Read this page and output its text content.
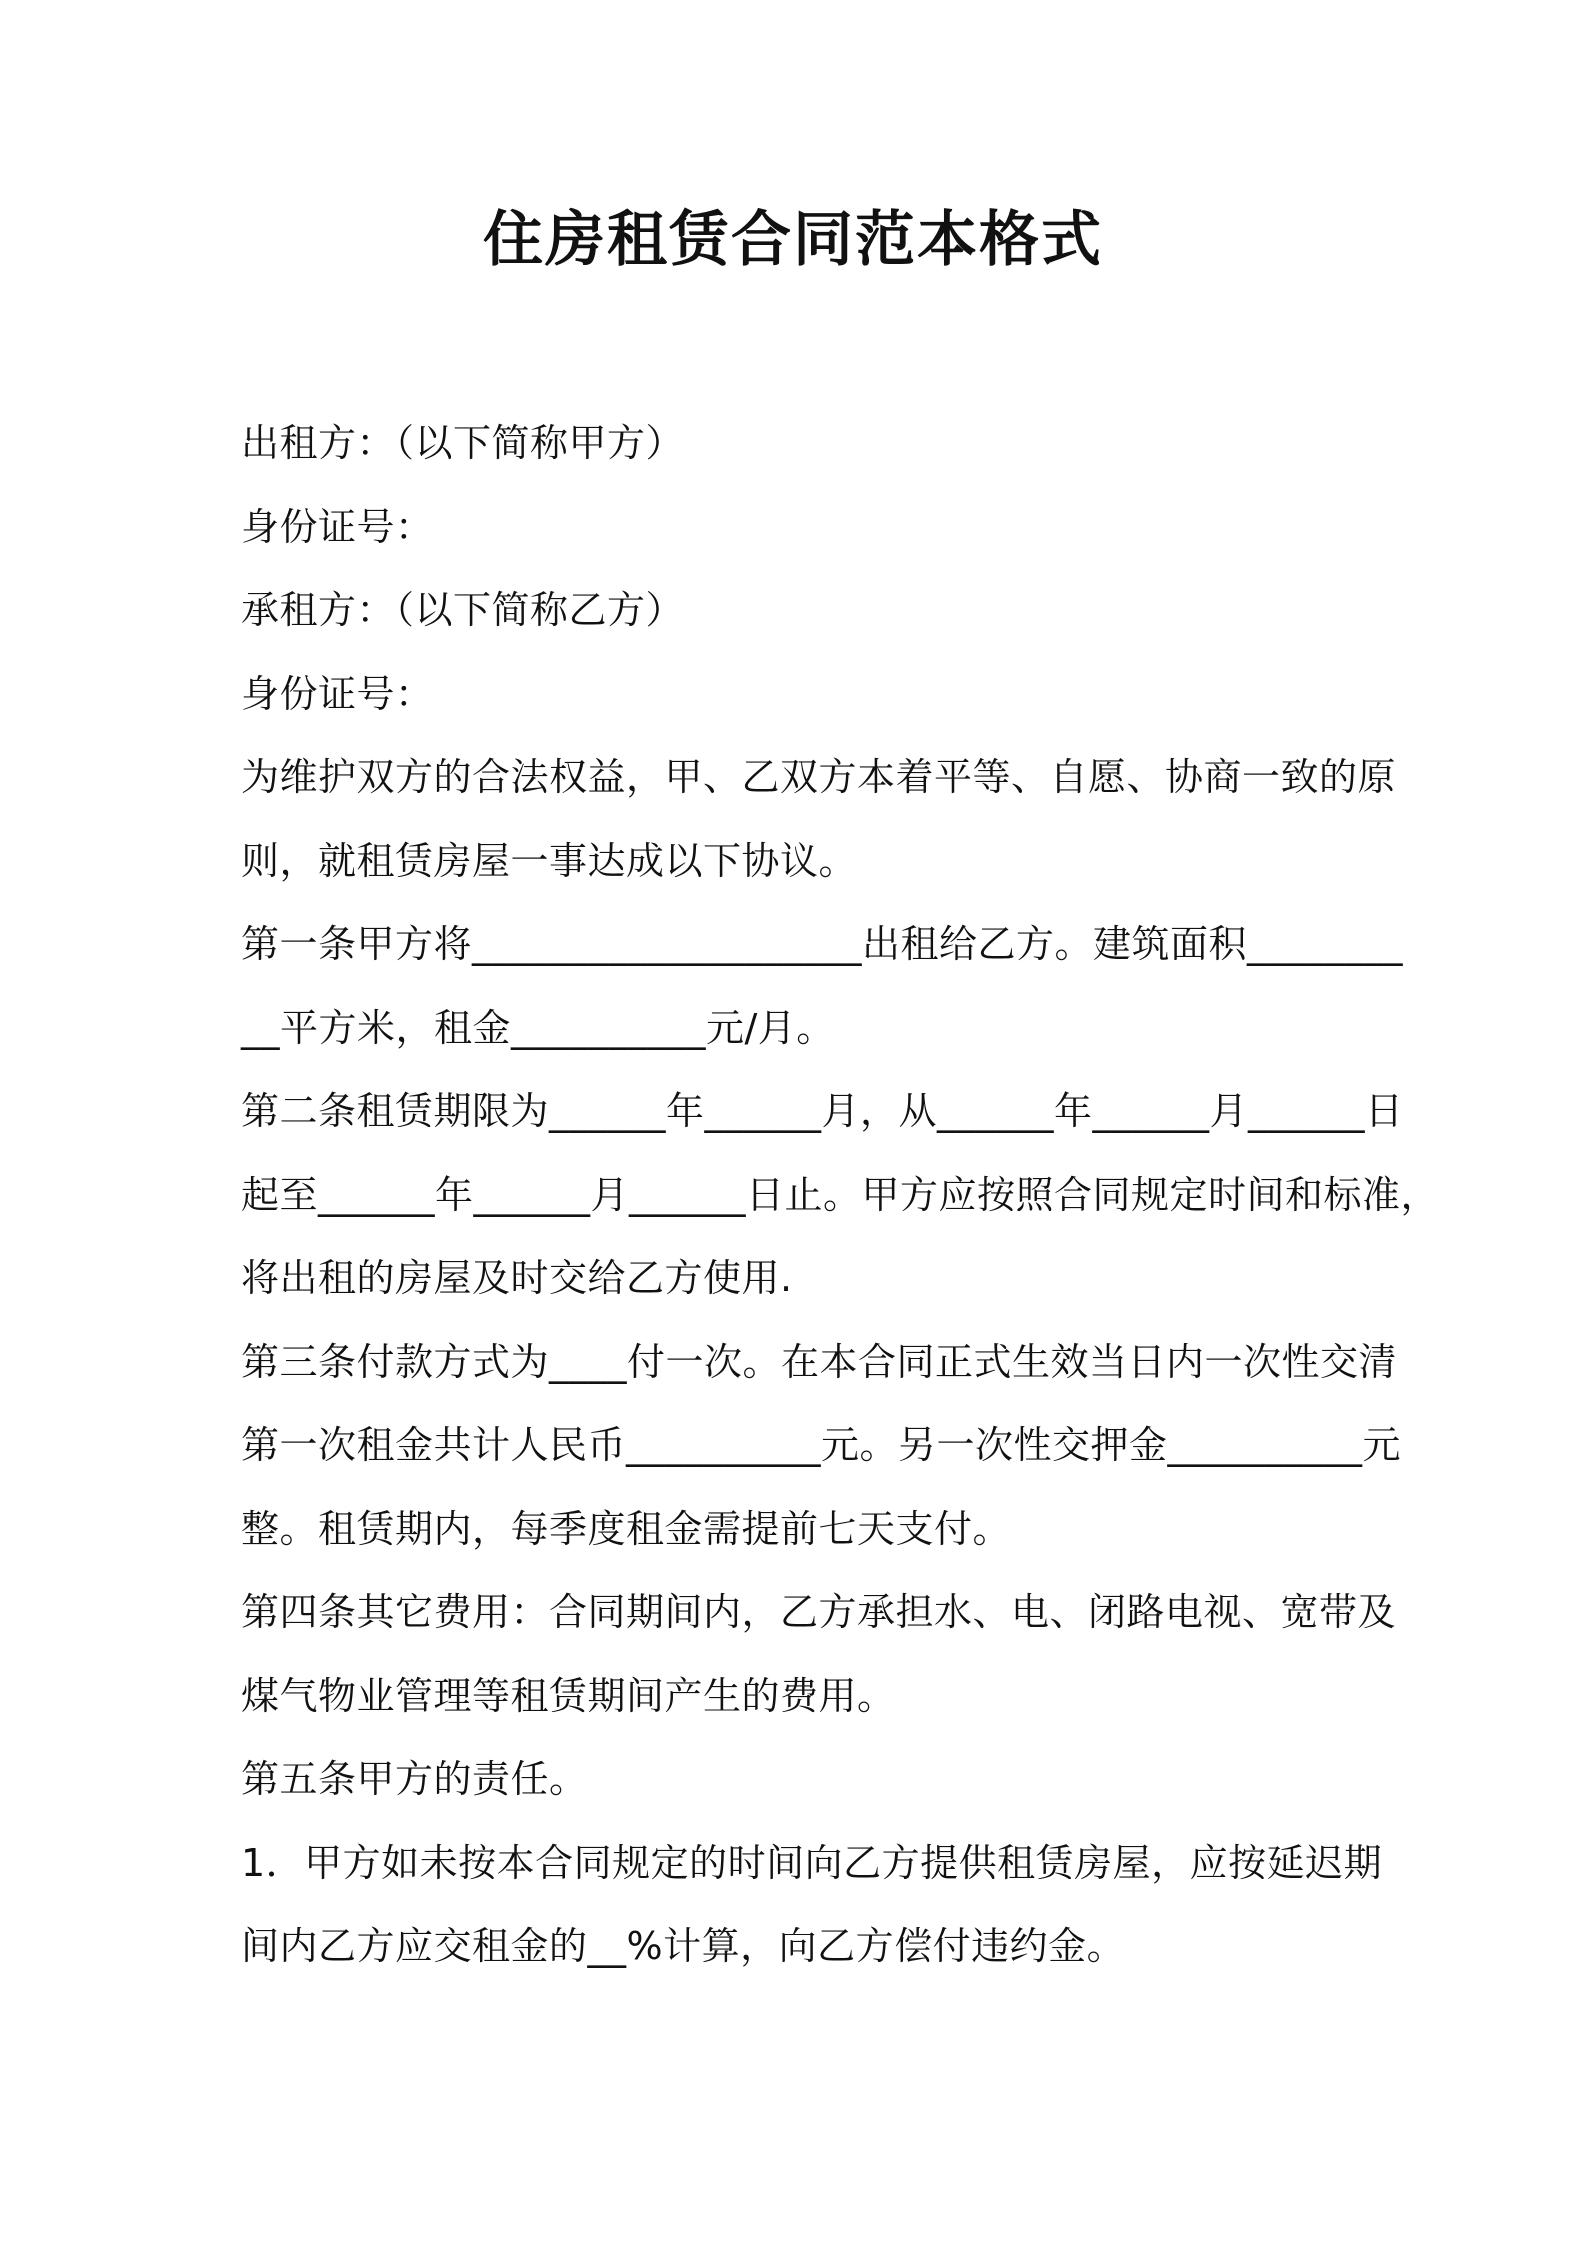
住房租赁合同范本格式
出租方：（以下简称甲方）
身份证号：
承租方：（以下简称乙方）
身份证号：
为维护双方的合法权益，甲、乙双方本着平等、自愿、协商一致的原
则，就租赁房屋一事达成以下协议。
第一条甲方将____________________出租给乙方。建筑面积________
__平方米，租金__________元/月。
第二条租赁期限为______年______月，从______年______月______日
起至______年______月______日止。甲方应按照合同规定时间和标准，
将出租的房屋及时交给乙方使用.
第三条付款方式为____付一次。在本合同正式生效当日内一次性交清
第一次租金共计人民币__________元。另一次性交押金__________元
整。租赁期内，每季度租金需提前七天支付。
第四条其它费用：合同期间内，乙方承担水、电、闭路电视、宽带及
煤气物业管理等租赁期间产生的费用。
第五条甲方的责任。
1．甲方如未按本合同规定的时间向乙方提供租赁房屋，应按延迟期
间内乙方应交租金的__%计算，向乙方偿付违约金。
